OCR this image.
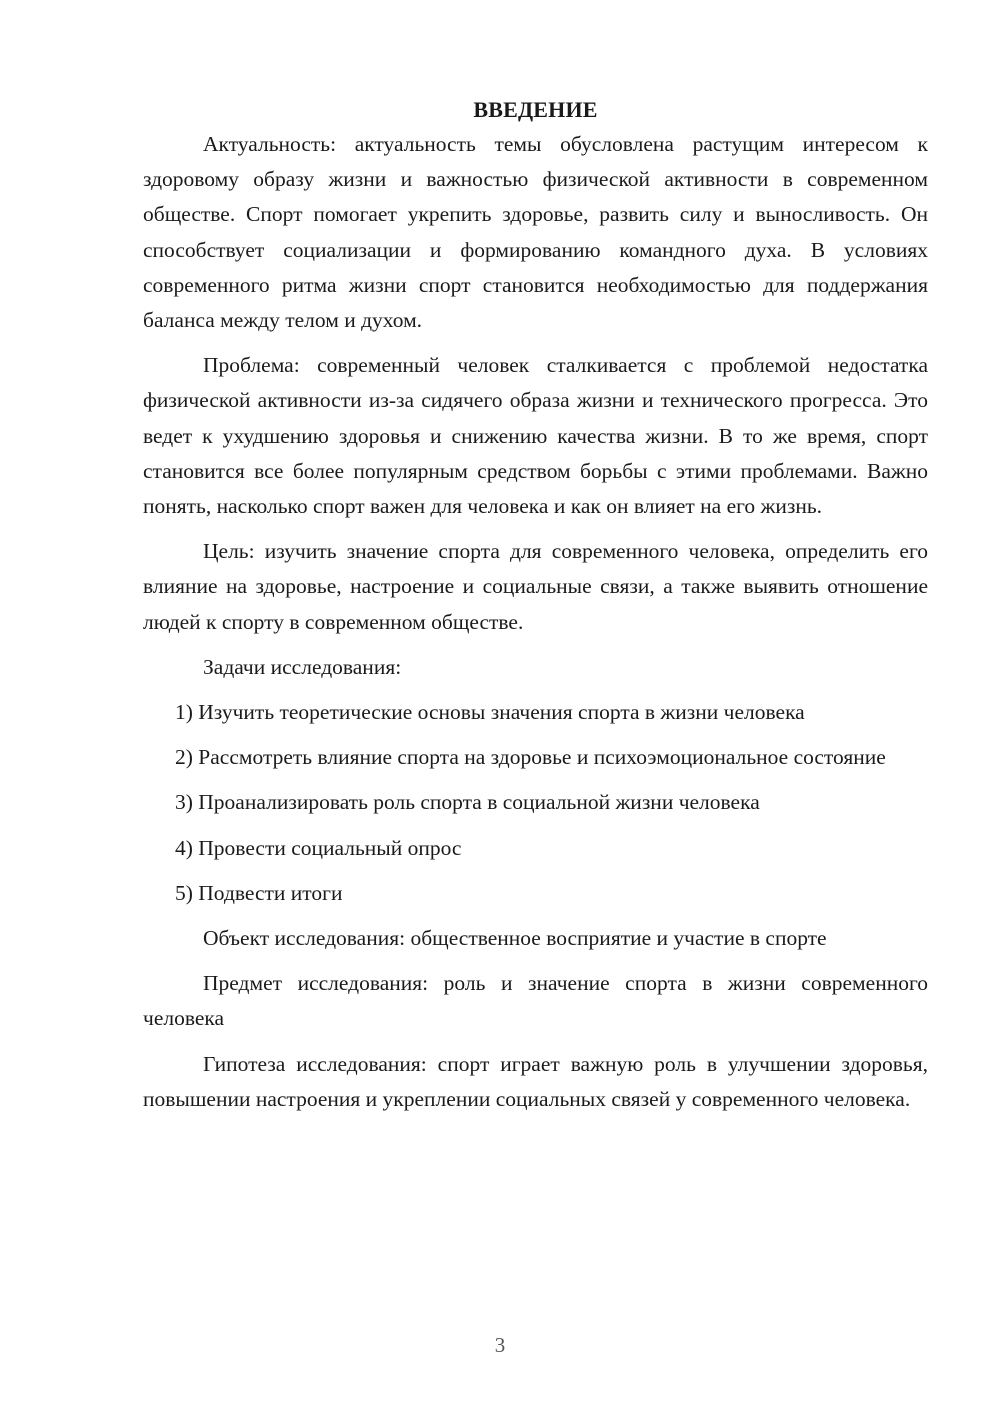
ВВЕДЕНИЕ

Актуальность: актуальность темы обусловлена растущим интересом к здоровому образу жизни и важностью физической активности в современном обществе. Спорт помогает укрепить здоровье, развить силу и выносливость. Он способствует социализации и формированию командного духа. В условиях современного ритма жизни спорт становится необходимостью для поддержания баланса между телом и духом.

Проблема: современный человек сталкивается с проблемой недостатка физической активности из-за сидячего образа жизни и технического прогресса. Это ведет к ухудшению здоровья и снижению качества жизни. В то же время, спорт становится все более популярным средством борьбы с этими проблемами. Важно понять, насколько спорт важен для человека и как он влияет на его жизнь.

Цель: изучить значение спорта для современного человека, определить его влияние на здоровье, настроение и социальные связи, а также выявить отношение людей к спорту в современном обществе.

Задачи исследования:

1) Изучить теоретические основы значения спорта в жизни человека

2) Рассмотреть влияние спорта на здоровье и психоэмоциональное состояние

3) Проанализировать роль спорта в социальной жизни человека

4) Провести социальный опрос

5) Подвести итоги

Объект исследования: общественное восприятие и участие в спорте

Предмет исследования: роль и значение спорта в жизни современного человека

Гипотеза исследования: спорт играет важную роль в улучшении здоровья, повышении настроения и укреплении социальных связей у современного человека.

3
